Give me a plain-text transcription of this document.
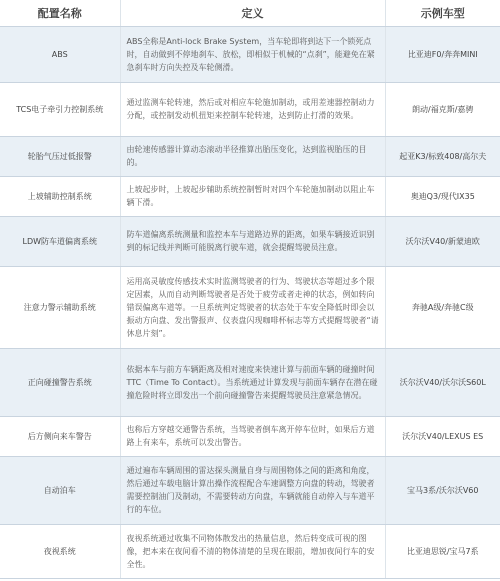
配置名称	定义	示例车型
ABS	ABS全称是Anti-lock Brake System，当车轮即将到达下一个锁死点时，自动做到不停地刹车、放松，即相似于机械的“点刹”，能避免在紧急刹车时方向失控及车轮侧滑。	比亚迪F0/奔奔MINI
TCS电子牵引力控制系统	通过监测车轮转速，然后或对相应车轮施加制动，或用差速器控制动力分配，或控制发动机扭矩来控制车轮转速，达到防止打滑的效果。	朗动/福克斯/嘉骋
轮胎气压过低报警	由轮速传感器计算动态滚动半径推算出胎压变化，达到监视胎压的目的。	起亚K3/标致408/高尔夫
上坡辅助控制系统	上坡起步时，上坡起步辅助系统控制暂时对四个车轮施加制动以阻止车辆下滑。	奥迪Q3/现代IX35
LDW防车道偏离系统	防车道偏离系统测量和监控本车与道路边界的距离，如果车辆接近识别到的标记线并判断可能脱离行驶车道，就会提醒驾驶员注意。	沃尔沃V40/新蒙迪欧
注意力警示辅助系统	运用高灵敏度传感技术实时监测驾驶者的行为、驾驶状态等超过多个限定因素，从而自动判断驾驶者是否处于疲劳或者走神的状态，例如转向错误偏离车道等。一旦系统判定驾驶者的状态处于车安全降低时即会以振动方向盘、发出警报声、仪表盘闪现咖啡杯标志等方式提醒驾驶者“请休息片刻”。	奔驰A级/奔驰C级
正向碰撞警告系统	依据本车与前方车辆距离及相对速度来快速计算与前面车辆的碰撞时间TTC（Time To Contact）。当系统通过计算发现与前面车辆存在潜在碰撞危险时将立即发出一个前向碰撞警告来提醒驾驶员注意紧急情况。	沃尔沃V40/沃尔沃S60L
后方侧向来车警告	也称后方穿越交通警告系统，当驾驶者倒车离开停车位时，如果后方道路上有来车，系统可以发出警告。	沃尔沃V40/LEXUS ES
自动泊车	通过遍布车辆周围的雷达探头测量自身与周围物体之间的距离和角度，然后通过车载电脑计算出操作流程配合车速调整方向盘的转动，驾驶者需要控制油门及制动，不需要转动方向盘，车辆就能自动停入与车道平行的车位。	宝马3系/沃尔沃V60
夜视系统	夜视系统通过收集不同物体散发出的热量信息，然后转变成可视的图像，把本来在夜间看不清的物体清楚的呈现在眼前，增加夜间行车的安全性。	比亚迪思锐/宝马7系
